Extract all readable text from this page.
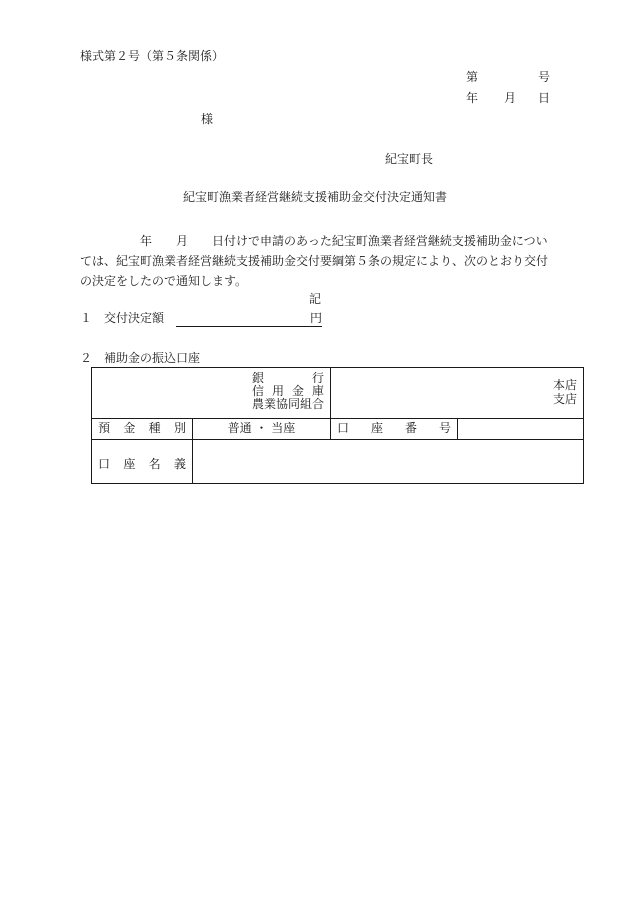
様式第２号（第５条関係）
第	号
年 月 日
様
紀宝町長
紀宝町漁業者経営継続支援補助金交付決定通知書
年 月 日付けで申請のあった紀宝町漁業者経営継続支援補助金につい
ては、紀宝町漁業者経営継続支援補助金交付要綱第５条の規定により、次のとおり交付
の決定をしたので通知します。
記
１ 交付決定額	円
２ 補助金の振込口座
銀行
信用金庫
農業協同組合		本店
支店	

預金種別	普通 ・ 当座	口座番号	

口座名義			
